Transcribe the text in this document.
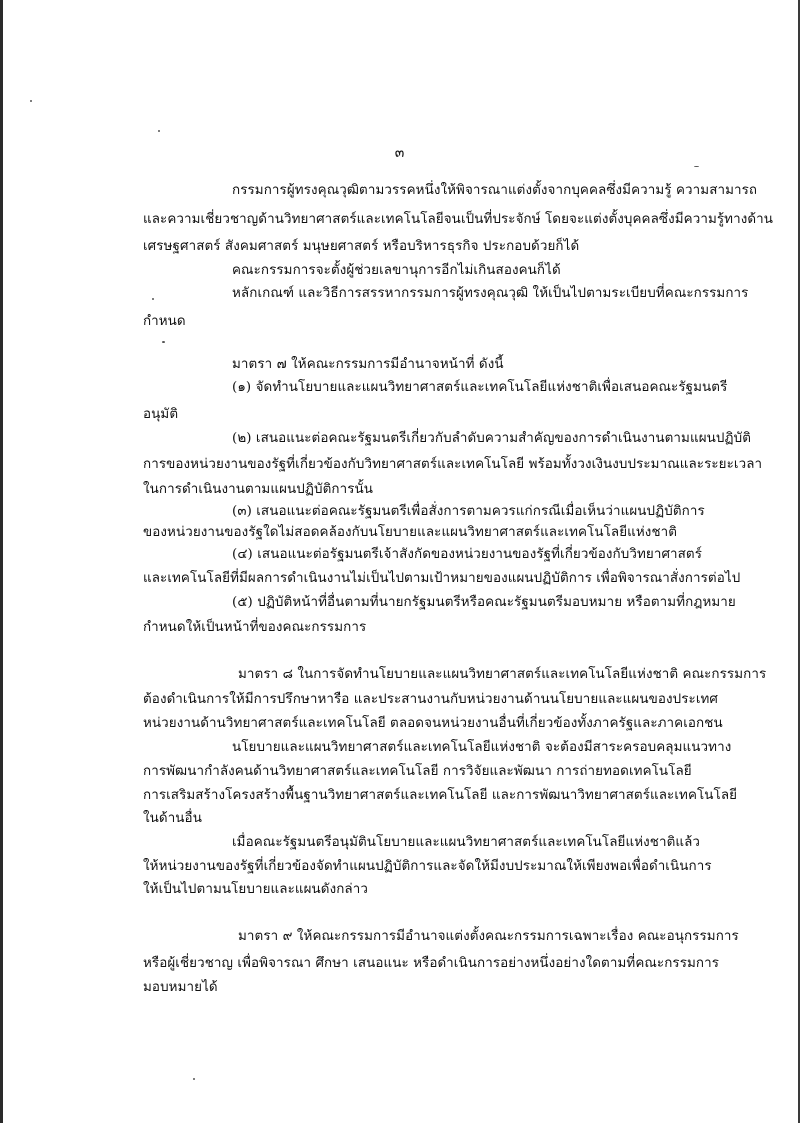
๓
กรรมการผู้ทรงคุณวุฒิตามวรรคหนึ่งให้พิจารณาแต่งตั้งจากบุคคลซึ่งมีความรู้ ความสามารถ
และความเชี่ยวชาญด้านวิทยาศาสตร์และเทคโนโลยีจนเป็นที่ประจักษ์ โดยจะแต่งตั้งบุคคลซึ่งมีความรู้ทางด้าน
เศรษฐศาสตร์ สังคมศาสตร์ มนุษยศาสตร์ หรือบริหารธุรกิจ ประกอบด้วยก็ได้
คณะกรรมการจะตั้งผู้ช่วยเลขานุการอีกไม่เกินสองคนก็ได้
หลักเกณฑ์ และวิธีการสรรหากรรมการผู้ทรงคุณวุฒิ ให้เป็นไปตามระเบียบที่คณะกรรมการ
กำหนด
มาตรา ๗ ให้คณะกรรมการมีอำนาจหน้าที่ ดังนี้
(๑) จัดทำนโยบายและแผนวิทยาศาสตร์และเทคโนโลยีแห่งชาติเพื่อเสนอคณะรัฐมนตรี
อนุมัติ
(๒) เสนอแนะต่อคณะรัฐมนตรีเกี่ยวกับลำดับความสำคัญของการดำเนินงานตามแผนปฏิบัติ
การของหน่วยงานของรัฐที่เกี่ยวข้องกับวิทยาศาสตร์และเทคโนโลยี พร้อมทั้งวงเงินงบประมาณและระยะเวลา
ในการดำเนินงานตามแผนปฏิบัติการนั้น
(๓) เสนอแนะต่อคณะรัฐมนตรีเพื่อสั่งการตามควรแก่กรณีเมื่อเห็นว่าแผนปฏิบัติการ
ของหน่วยงานของรัฐใดไม่สอดคล้องกับนโยบายและแผนวิทยาศาสตร์และเทคโนโลยีแห่งชาติ
(๔) เสนอแนะต่อรัฐมนตรีเจ้าสังกัดของหน่วยงานของรัฐที่เกี่ยวข้องกับวิทยาศาสตร์
และเทคโนโลยีที่มีผลการดำเนินงานไม่เป็นไปตามเป้าหมายของแผนปฏิบัติการ เพื่อพิจารณาสั่งการต่อไป
(๕) ปฏิบัติหน้าที่อื่นตามที่นายกรัฐมนตรีหรือคณะรัฐมนตรีมอบหมาย หรือตามที่กฎหมาย
กำหนดให้เป็นหน้าที่ของคณะกรรมการ
มาตรา ๘ ในการจัดทำนโยบายและแผนวิทยาศาสตร์และเทคโนโลยีแห่งชาติ คณะกรรมการ
ต้องดำเนินการให้มีการปรึกษาหารือ และประสานงานกับหน่วยงานด้านนโยบายและแผนของประเทศ
หน่วยงานด้านวิทยาศาสตร์และเทคโนโลยี ตลอดจนหน่วยงานอื่นที่เกี่ยวข้องทั้งภาครัฐและภาคเอกชน
นโยบายและแผนวิทยาศาสตร์และเทคโนโลยีแห่งชาติ จะต้องมีสาระครอบคลุมแนวทาง
การพัฒนากำลังคนด้านวิทยาศาสตร์และเทคโนโลยี การวิจัยและพัฒนา การถ่ายทอดเทคโนโลยี
การเสริมสร้างโครงสร้างพื้นฐานวิทยาศาสตร์และเทคโนโลยี และการพัฒนาวิทยาศาสตร์และเทคโนโลยี
ในด้านอื่น
เมื่อคณะรัฐมนตรีอนุมัตินโยบายและแผนวิทยาศาสตร์และเทคโนโลยีแห่งชาติแล้ว
ให้หน่วยงานของรัฐที่เกี่ยวข้องจัดทำแผนปฏิบัติการและจัดให้มีงบประมาณให้เพียงพอเพื่อดำเนินการ
ให้เป็นไปตามนโยบายและแผนดังกล่าว
มาตรา ๙ ให้คณะกรรมการมีอำนาจแต่งตั้งคณะกรรมการเฉพาะเรื่อง คณะอนุกรรมการ
หรือผู้เชี่ยวชาญ เพื่อพิจารณา ศึกษา เสนอแนะ หรือดำเนินการอย่างหนึ่งอย่างใดตามที่คณะกรรมการ
มอบหมายได้
